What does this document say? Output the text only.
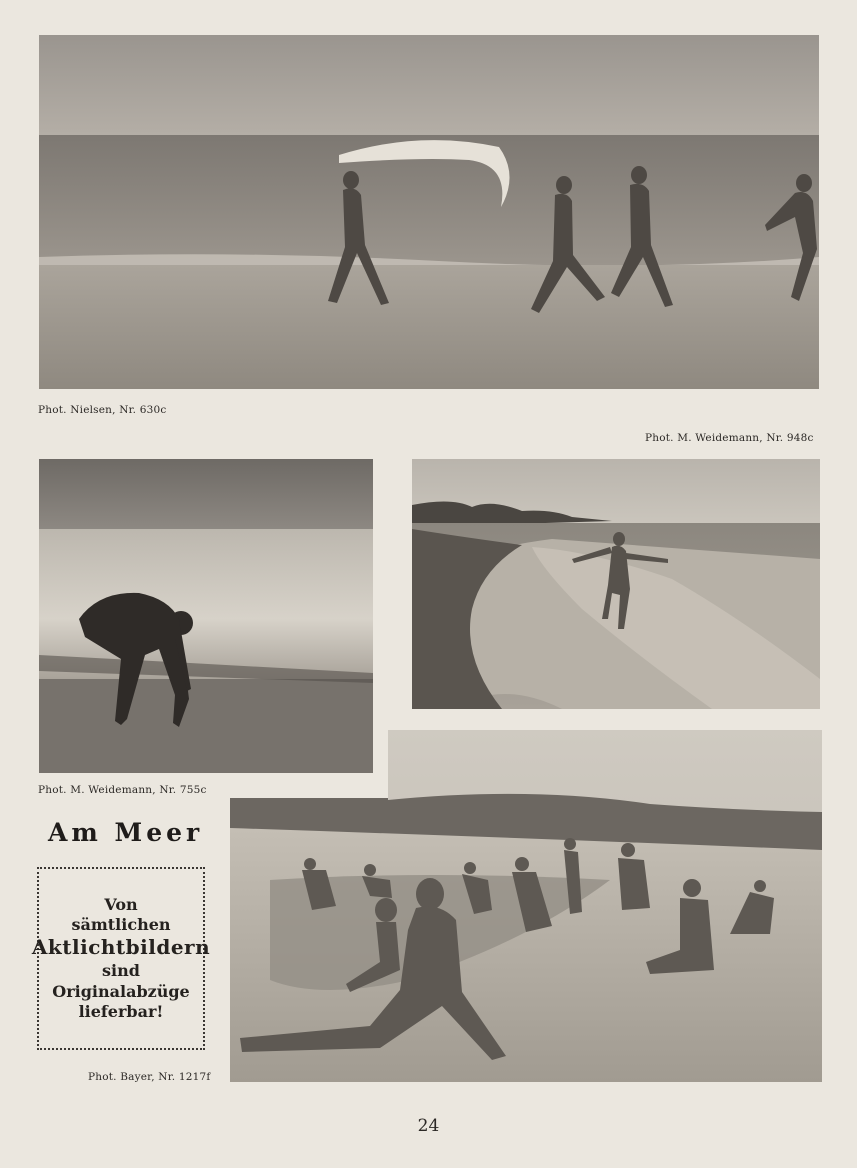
Phot. Nielsen, Nr. 630c
Phot. M. Weidemann, Nr. 948c
Phot. M. Weidemann, Nr. 755c
Am Meer
Von
sämtlichen
Aktlichtbildern
sind
Originalabzüge
lieferbar!
Phot. Bayer, Nr. 1217f
24
